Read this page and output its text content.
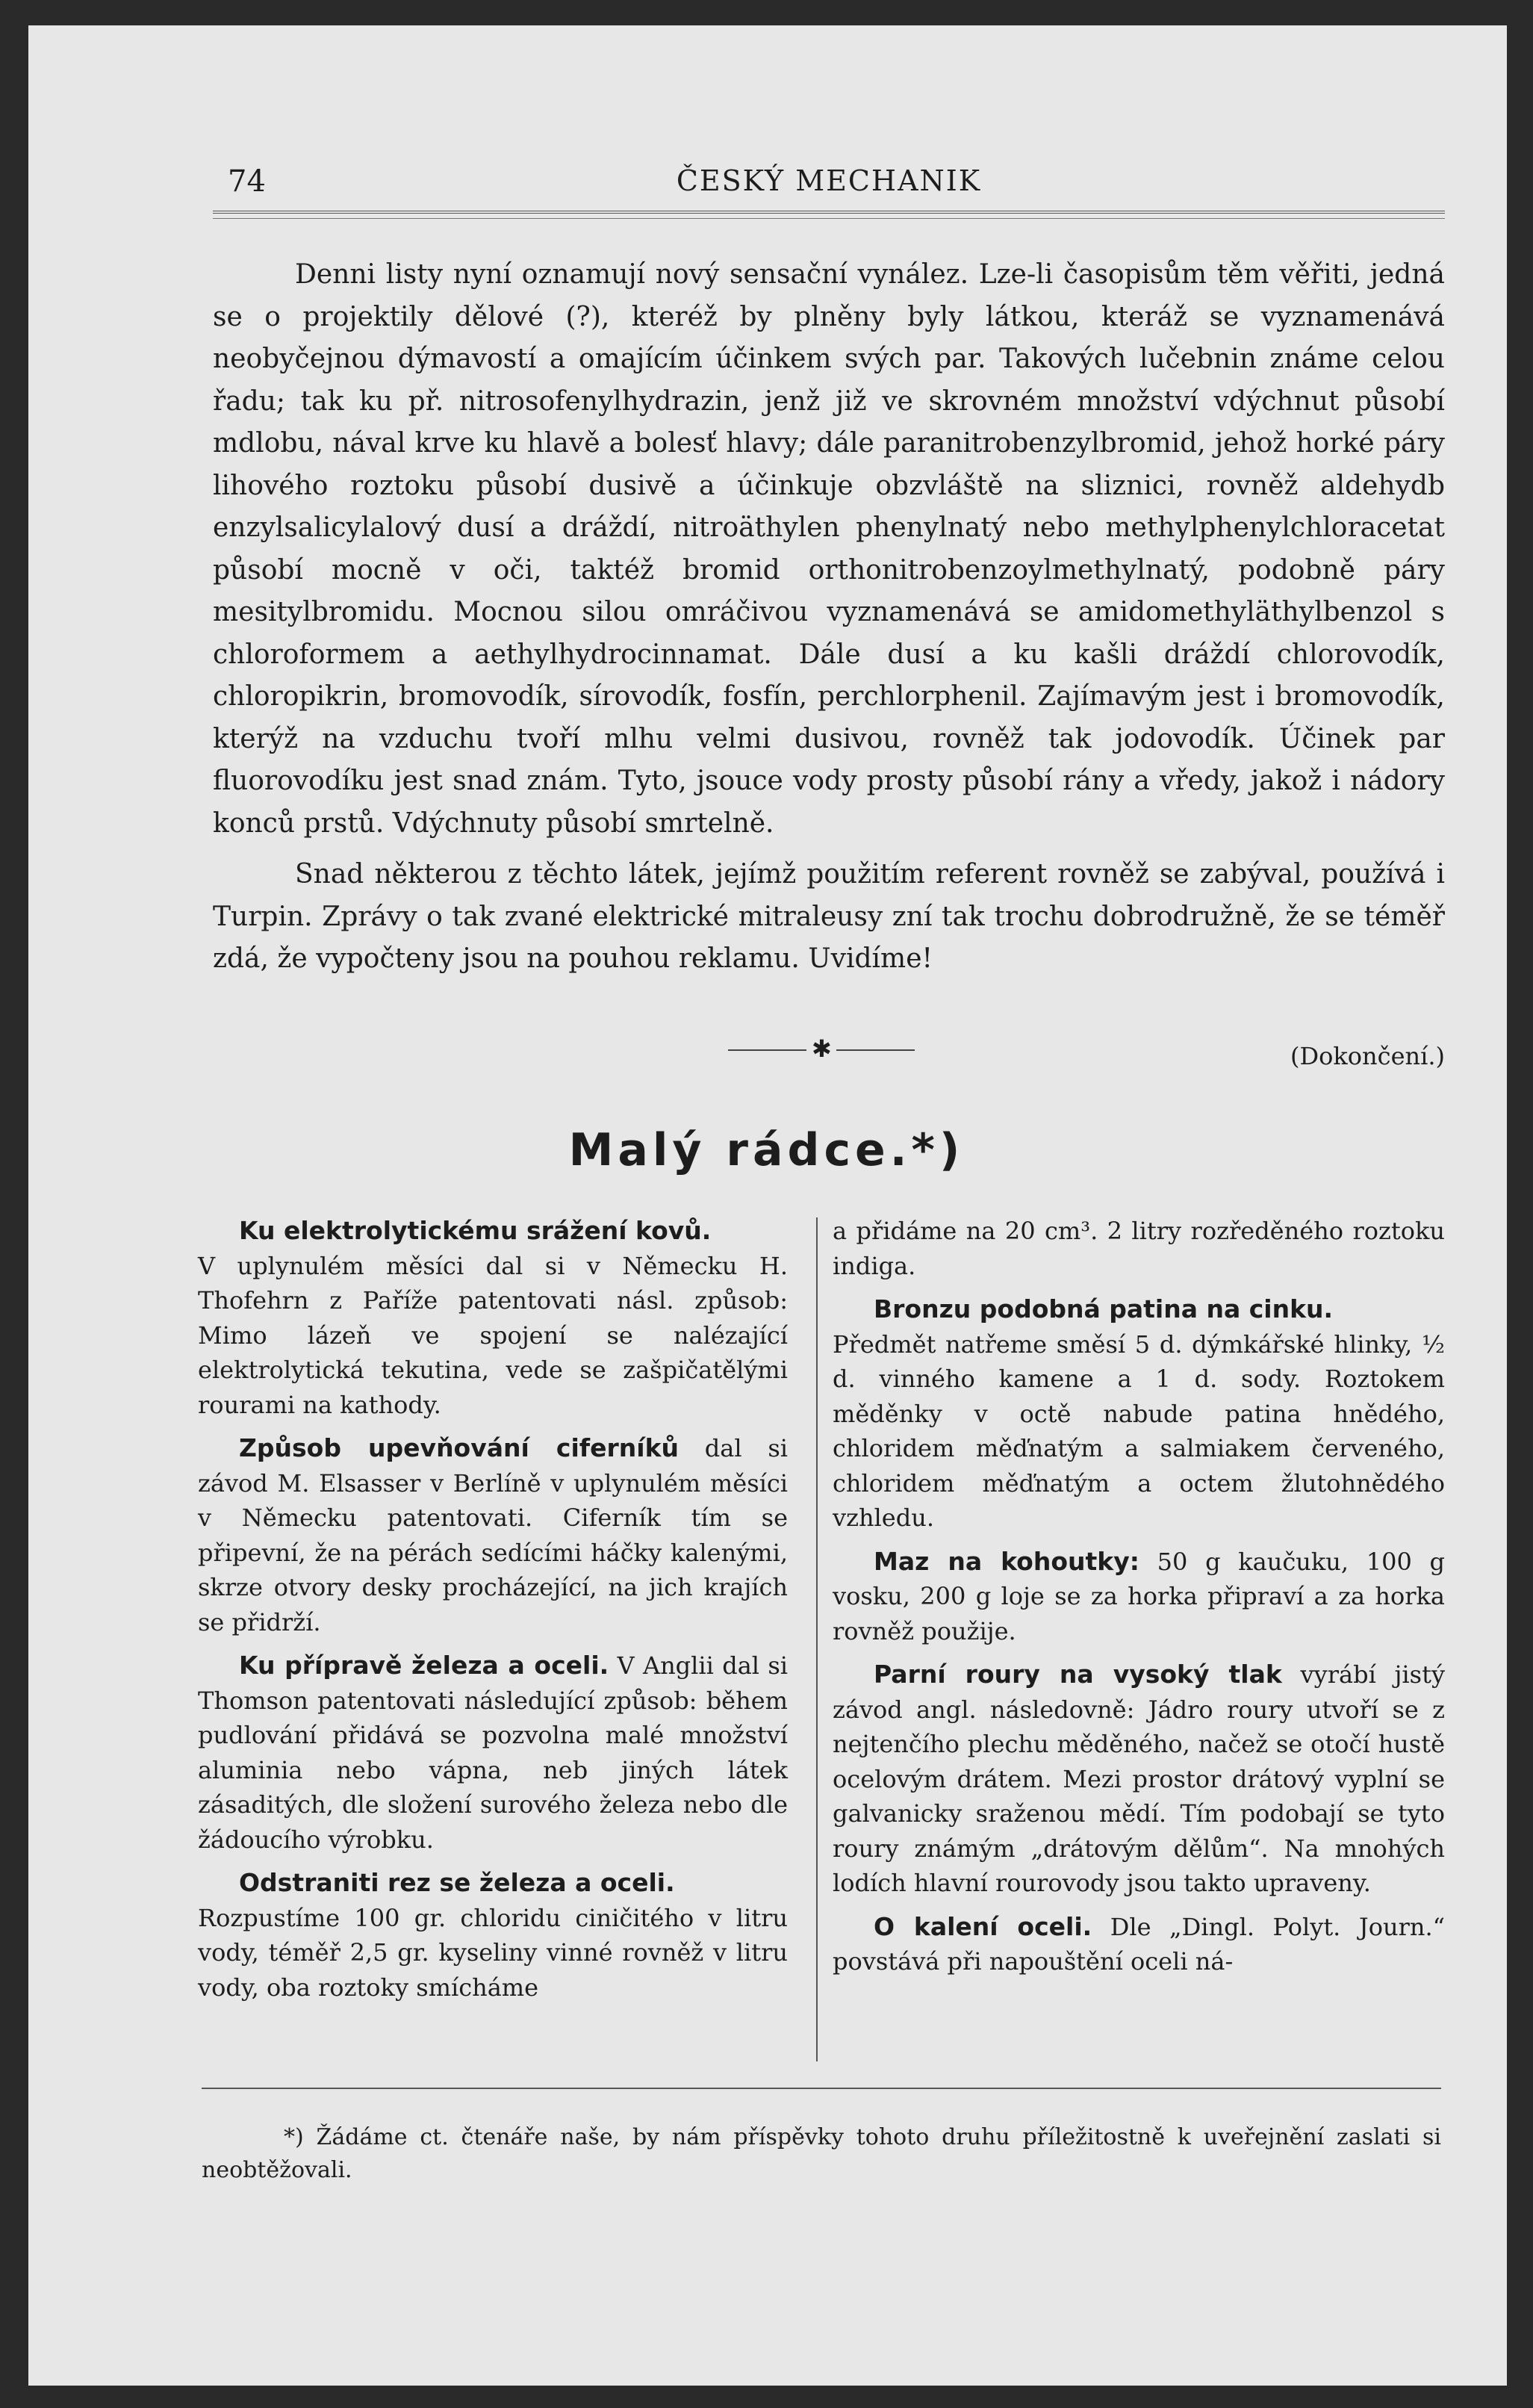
74	ČESKÝ MECHANIK

Denni listy nyní oznamují nový sensační vynález. Lze-li časopisům těm věřiti, jedná se o projektily dělové (?), kteréž by plněny byly látkou, kteráž se vyznamenává neobyčejnou dýmavostí a omajícím účinkem svých par. Takových lučebnin známe celou řadu; tak ku př. nitrosofenylhydrazin, jenž již ve skrovném množství vdýchnut působí mdlobu, nával krve ku hlavě a bolesť hlavy; dále paranitrobenzylbromid, jehož horké páry lihového roztoku působí dusivě a účinkuje obzvláště na sliznici, rovněž aldehydb enzylsalicylalový dusí a dráždí, nitroäthylen phenylnatý nebo methylphenylchloracetat působí mocně v oči, taktéž bromid orthonitrobenzoylmethylnatý, podobně páry mesitylbromidu. Mocnou silou omráčivou vyznamenává se amidomethyläthylbenzol s chloroformem a aethylhydrocinnamat. Dále dusí a ku kašli dráždí chlorovodík, chloropikrin, bromovodík, sírovodík, fosfín, perchlorphenil. Zajímavým jest i bromovodík, kterýž na vzduchu tvoří mlhu velmi dusivou, rovněž tak jodovodík. Účinek par fluorovodíku jest snad znám. Tyto, jsouce vody prosty působí rány a vředy, jakož i nádory konců prstů. Vdýchnuty působí smrtelně.

Snad některou z těchto látek, jejímž použitím referent rovněž se zabýval, používá i Turpin. Zprávy o tak zvané elektrické mitraleusy zní tak trochu dobrodružně, že se téměř zdá, že vypočteny jsou na pouhou reklamu. Uvidíme!

✱	(Dokončení.)
Malý rádce.*)

Ku elektrolytickému srážení kovů.
V uplynulém měsíci dal si v Německu H. Thofehrn z Paříže patentovati násl. způsob: Mimo lázeň ve spojení se nalézající elektrolytická tekutina, vede se zašpičatělými rourami na kathody.

Způsob upevňování ciferníků dal si závod M. Elsasser v Berlíně v uplynulém měsíci v Německu patentovati. Ciferník tím se připevní, že na pérách sedícími háčky kalenými, skrze otvory desky procházející, na jich krajích se přidrží.

Ku přípravě železa a oceli. V Anglii dal si Thomson patentovati následující způsob: během pudlování přidává se pozvolna malé množství aluminia nebo vápna, neb jiných látek zásaditých, dle složení surového železa nebo dle žádoucího výrobku.

Odstraniti rez se železa a oceli.
Rozpustíme 100 gr. chloridu ciničitého v litru vody, téměř 2,5 gr. kyseliny vinné rovněž v litru vody, oba roztoky smícháme

a přidáme na 20 cm³. 2 litry rozředěného roztoku indiga.

Bronzu podobná patina na cinku.
Předmět natřeme směsí 5 d. dýmkářské hlinky, ½ d. vinného kamene a 1 d. sody. Roztokem měděnky v octě nabude patina hnědého, chloridem měďnatým a salmiakem červeného, chloridem měďnatým a octem žlutohnědého vzhledu.

Maz na kohoutky: 50 g kaučuku, 100 g vosku, 200 g loje se za horka připraví a za horka rovněž použije.

Parní roury na vysoký tlak vyrábí jistý závod angl. následovně: Jádro roury utvoří se z nejtenčího plechu měděného, načež se otočí hustě ocelovým drátem. Mezi prostor drátový vyplní se galvanicky sraženou mědí. Tím podobají se tyto roury známým „drátovým dělům“. Na mnohých lodích hlavní rourovody jsou takto upraveny.

O kalení oceli. Dle „Dingl. Polyt. Journ.“ povstává při napouštění oceli ná-

*) Žádáme ct. čtenáře naše, by nám příspěvky tohoto druhu příležitostně k uveřejnění zaslati si neobtěžovali.
